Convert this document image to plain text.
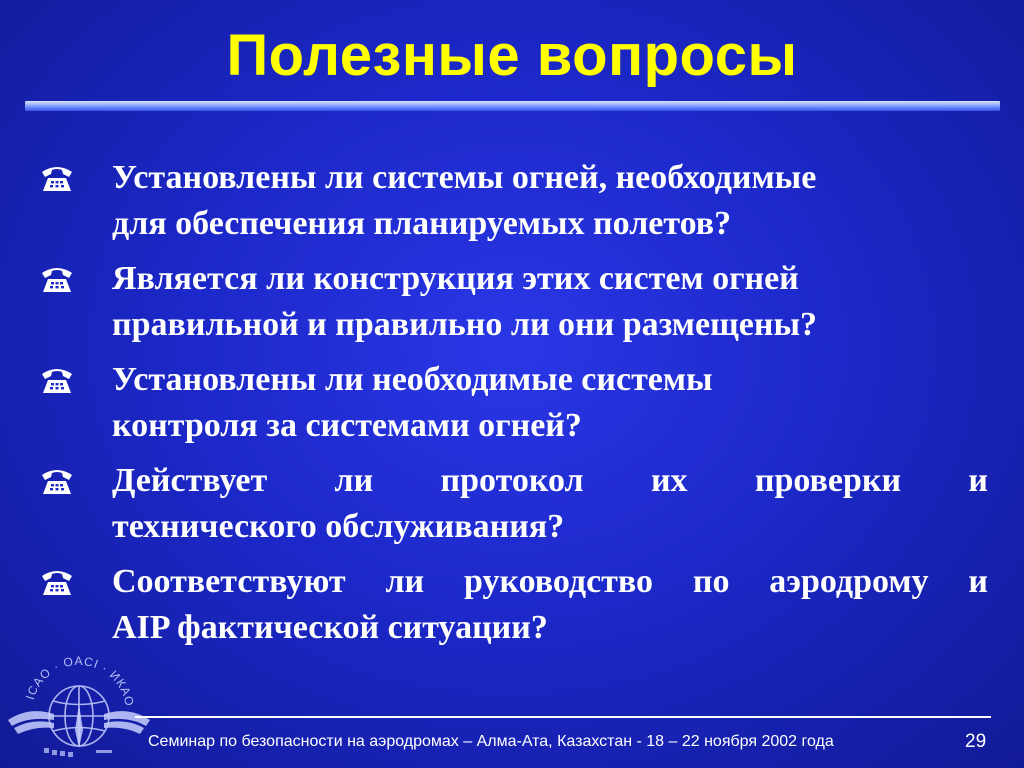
Полезные вопросы
Установлены ли системы огней, необходимые
для обеспечения планируемых полетов?
Является ли конструкция этих систем огней
правильной и правильно ли они размещены?
Установлены ли необходимые системы
контроля за системами огней?
Действует ли протокол их проверки и
технического обслуживания?
Соответствуют ли руководство по аэродрому и
AIP фактической ситуации?
ICAO · OACI · ИКАО
Семинар по безопасности на аэродромах – Алма-Ата, Казахстан - 18 – 22 ноября 2002 года	29
